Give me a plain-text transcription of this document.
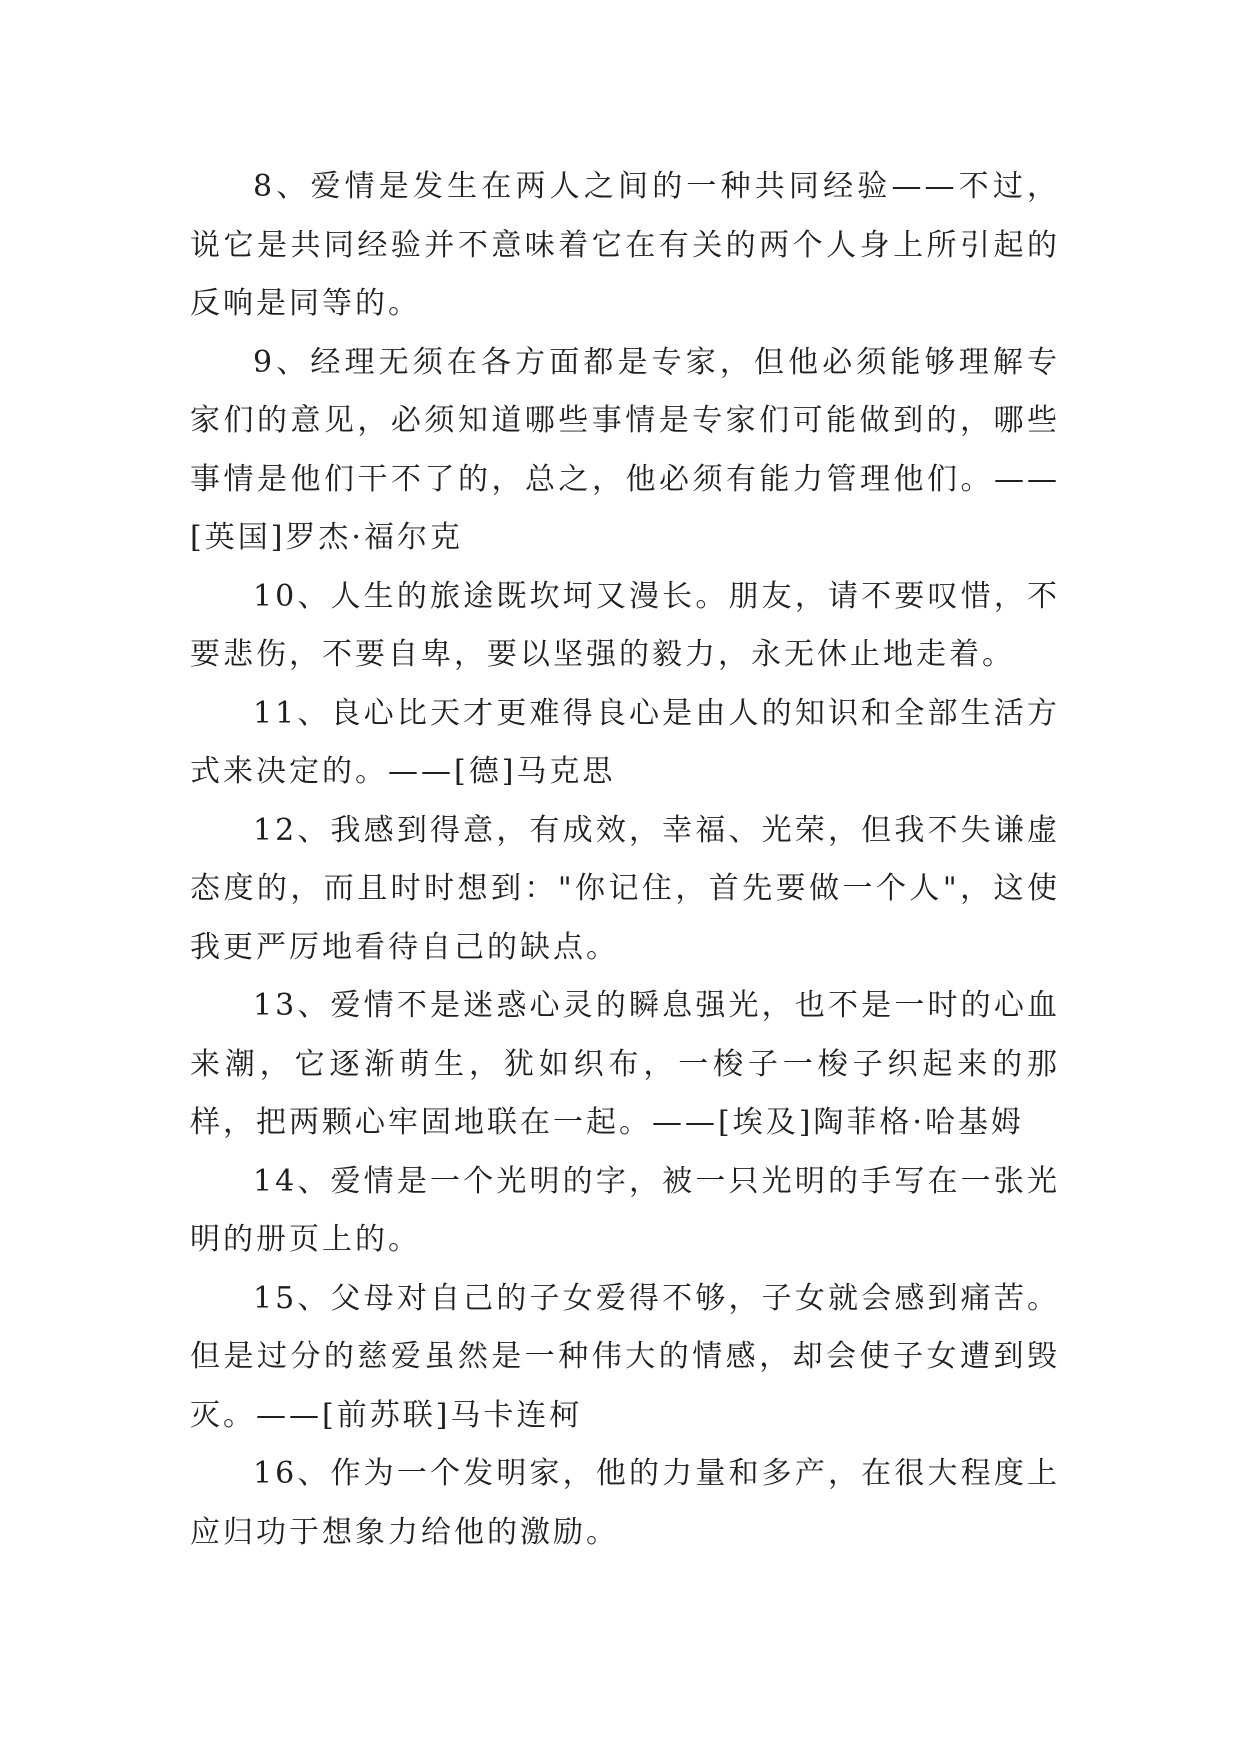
8、爱情是发生在两人之间的一种共同经验——不过，说它是共同经验并不意味着它在有关的两个人身上所引起的反响是同等的。

9、经理无须在各方面都是专家，但他必须能够理解专家们的意见，必须知道哪些事情是专家们可能做到的，哪些事情是他们干不了的，总之，他必须有能力管理他们。——[英国]罗杰·福尔克

10、人生的旅途既坎坷又漫长。朋友，请不要叹惜，不要悲伤，不要自卑，要以坚强的毅力，永无休止地走着。

11、良心比天才更难得良心是由人的知识和全部生活方式来决定的。——[德]马克思

12、我感到得意，有成效，幸福、光荣，但我不失谦虚态度的，而且时时想到："你记住，首先要做一个人"，这使我更严厉地看待自己的缺点。

13、爱情不是迷惑心灵的瞬息强光，也不是一时的心血来潮，它逐渐萌生，犹如织布，一梭子一梭子织起来的那样，把两颗心牢固地联在一起。——[埃及]陶菲格·哈基姆

14、爱情是一个光明的字，被一只光明的手写在一张光明的册页上的。

15、父母对自己的子女爱得不够，子女就会感到痛苦。但是过分的慈爱虽然是一种伟大的情感，却会使子女遭到毁灭。——[前苏联]马卡连柯

16、作为一个发明家，他的力量和多产，在很大程度上应归功于想象力给他的激励。
